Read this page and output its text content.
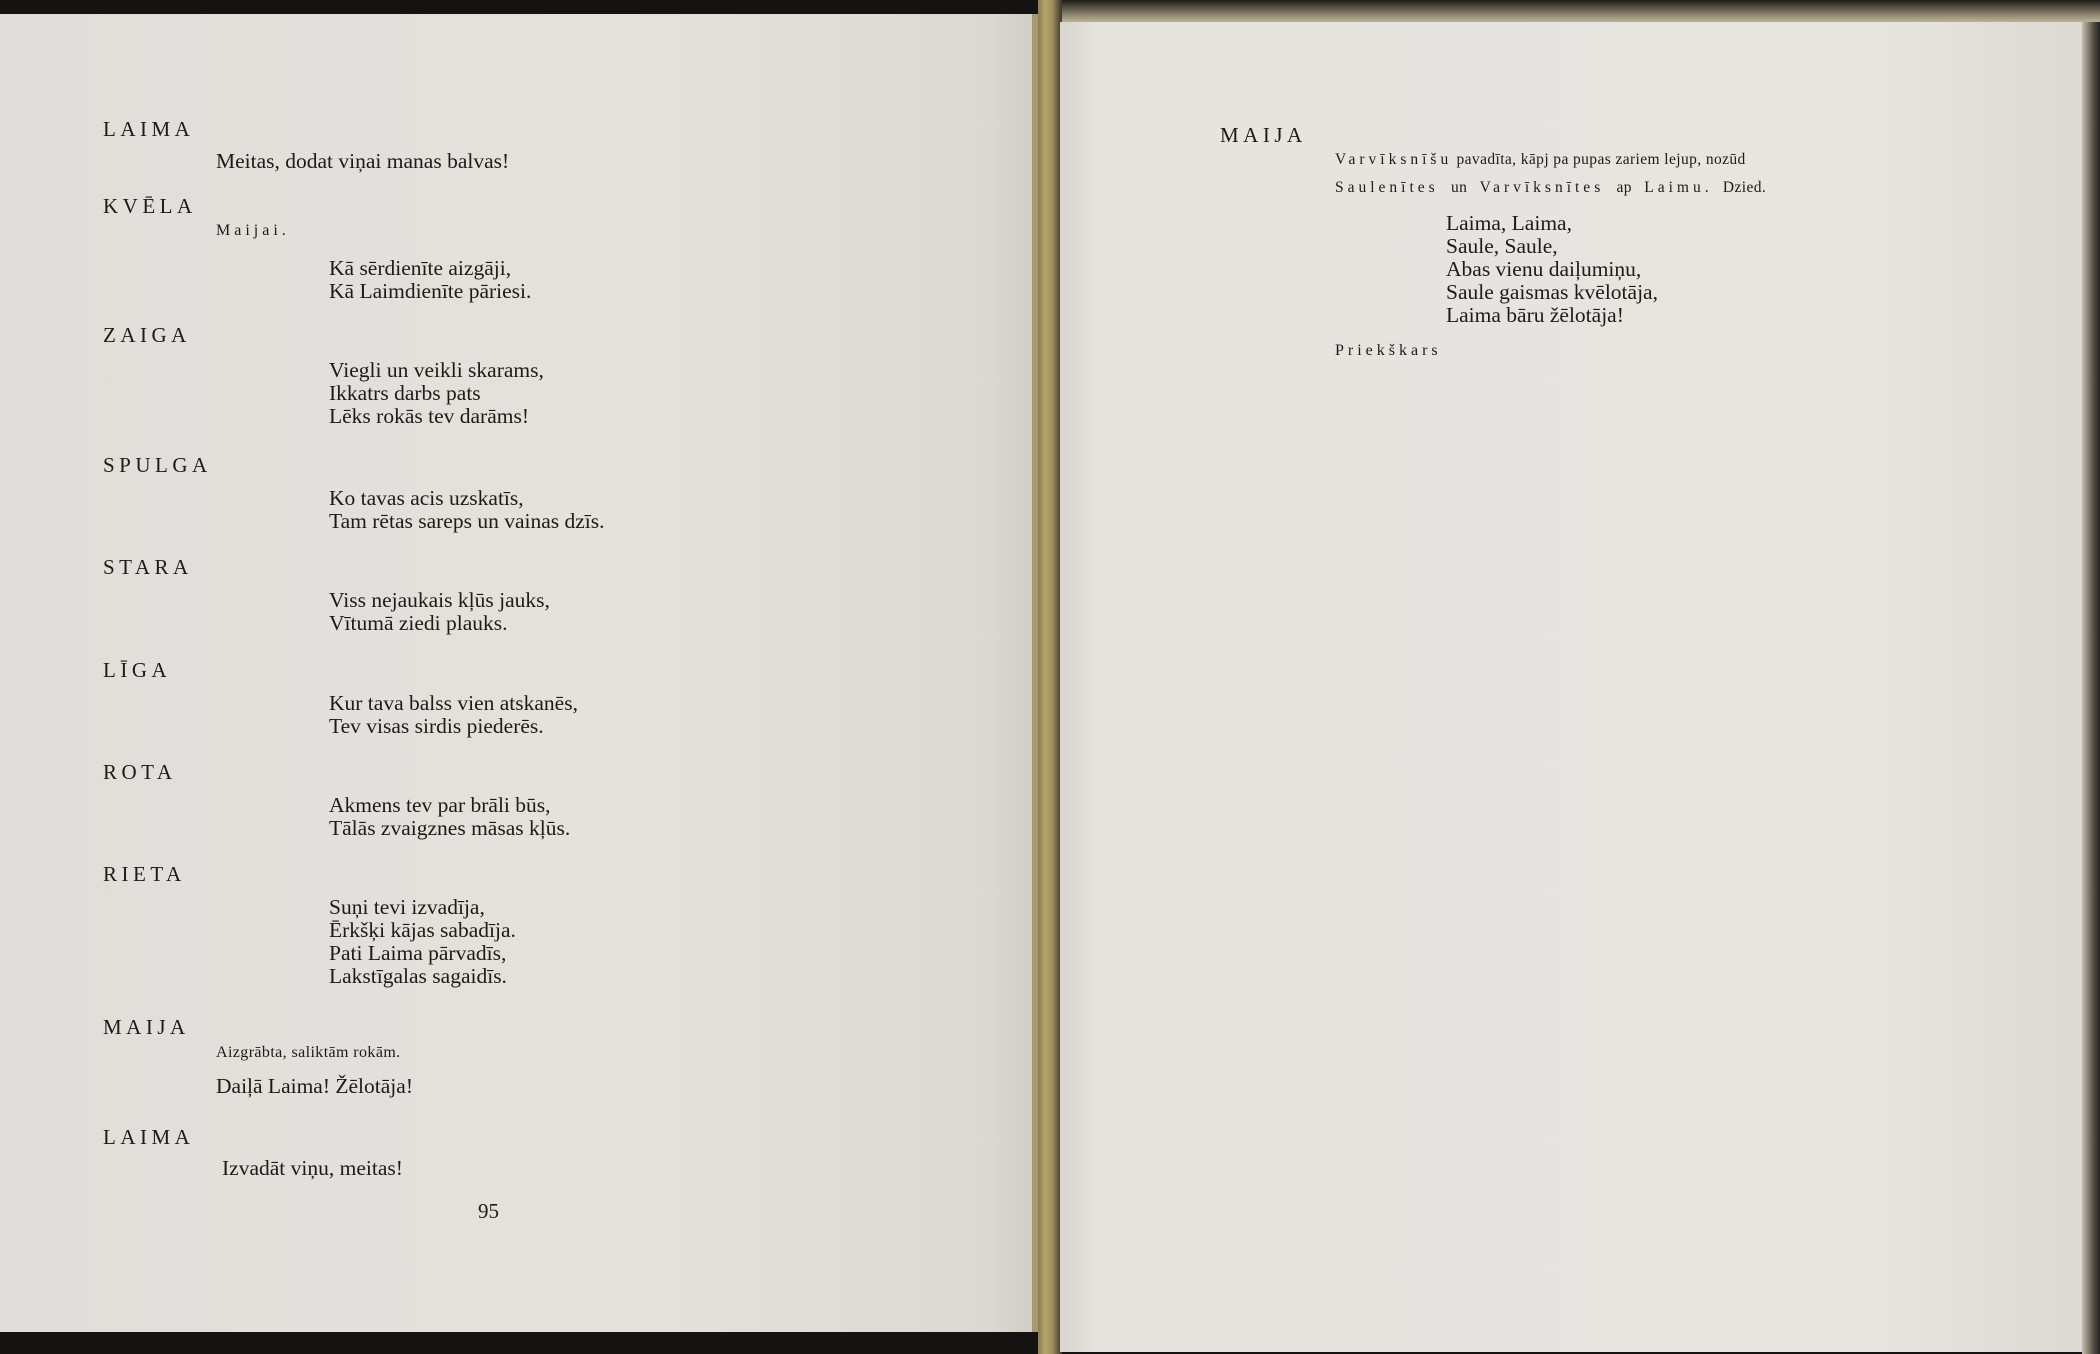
LAIMA
Meitas, dodat viņai manas balvas!
KVĒLA
Maijai.
Kā sērdienīte aizgāji,
Kā Laimdienīte pāriesi.
ZAIGA
Viegli un veikli skarams,
Ikkatrs darbs pats
Lēks rokās tev darāms!
SPULGA
Ko tavas acis uzskatīs,
Tam rētas sareps un vainas dzīs.
STARA
Viss nejaukais kļūs jauks,
Vītumā ziedi plauks.
LĪGA
Kur tava balss vien atskanēs,
Tev visas sirdis piederēs.
ROTA
Akmens tev par brāli būs,
Tālās zvaigznes māsas kļūs.
RIETA
Suņi tevi izvadīja,
Ērkšķi kājas sabadīja.
Pati Laima pārvadīs,
Lakstīgalas sagaidīs.
MAIJA
Aizgrābta, saliktām rokām.
Daiļā Laima! Žēlotāja!
LAIMA
Izvadāt viņu, meitas!
95
MAIJA
Varvīksnīšu pavadīta, kāpj pa pupas zariem lejup, nozūd
Saulenītes un Varvīksnītes ap Laimu. Dzied.
Laima, Laima,
Saule, Saule,
Abas vienu daiļumiņu,
Saule gaismas kvēlotāja,
Laima bāru žēlotāja!
Priekškars
